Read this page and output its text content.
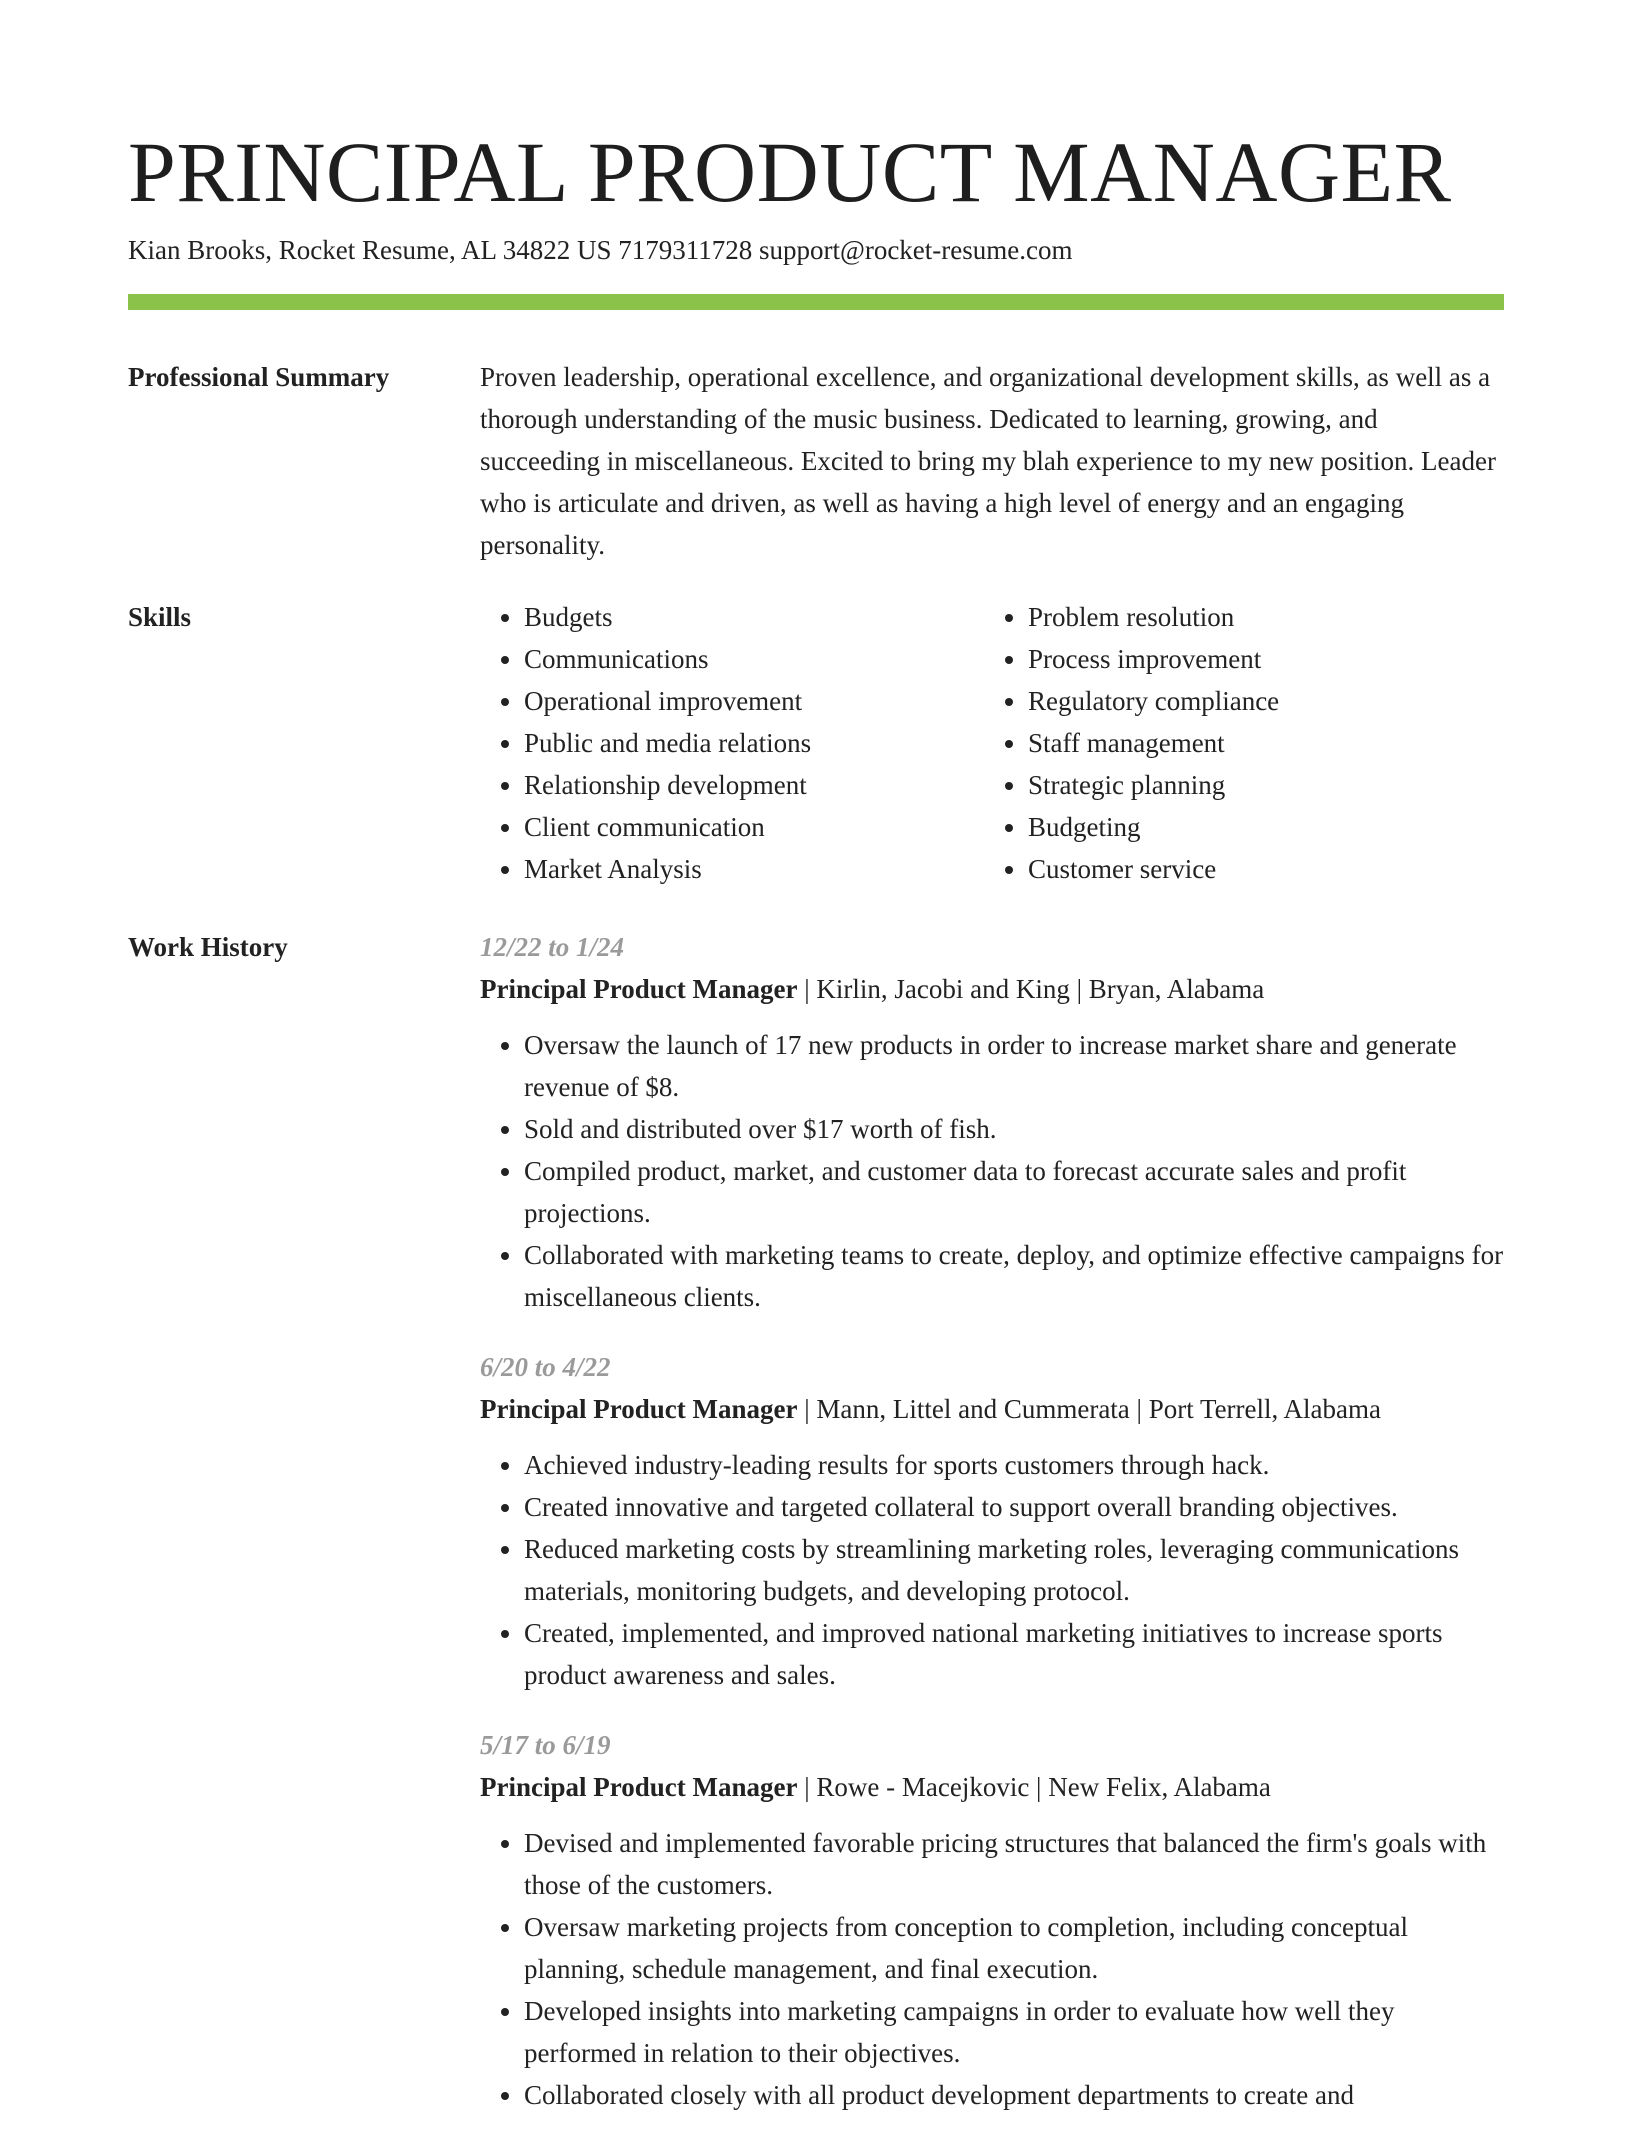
PRINCIPAL PRODUCT MANAGER
Kian Brooks, Rocket Resume, AL 34822 US 7179311728 support@rocket-resume.com
Professional Summary	Proven leadership, operational excellence, and organizational development skills, as well as a thorough understanding of the music business. Dedicated to learning, growing, and succeeding in miscellaneous. Excited to bring my blah experience to my new position. Leader who is articulate and driven, as well as having a high level of energy and an engaging personality.

Skills
•	Budgets
• Communications
• Operational improvement
• Public and media relations
• Relationship development
• Client communication
• Market Analysis
• Problem resolution
• Process improvement
• Regulatory compliance
• Staff management
• Strategic planning
• Budgeting
• Customer service
Work History	12/22 to 1/24
Principal Product Manager | Kirlin, Jacobi and King | Bryan, Alabama
• Oversaw the launch of 17 new products in order to increase market share and generate revenue of $8.
• Sold and distributed over $17 worth of fish.
• Compiled product, market, and customer data to forecast accurate sales and profit projections.
• Collaborated with marketing teams to create, deploy, and optimize effective campaigns for miscellaneous clients.
6/20 to 4/22
Principal Product Manager | Mann, Littel and Cummerata | Port Terrell, Alabama
• Achieved industry-leading results for sports customers through hack.
• Created innovative and targeted collateral to support overall branding objectives.
• Reduced marketing costs by streamlining marketing roles, leveraging communications materials, monitoring budgets, and developing protocol.
• Created, implemented, and improved national marketing initiatives to increase sports product awareness and sales.
5/17 to 6/19
Principal Product Manager | Rowe - Macejkovic | New Felix, Alabama
• Devised and implemented favorable pricing structures that balanced the firm's goals with those of the customers.
• Oversaw marketing projects from conception to completion, including conceptual planning, schedule management, and final execution.
• Developed insights into marketing campaigns in order to evaluate how well they performed in relation to their objectives.
• Collaborated closely with all product development departments to create and
